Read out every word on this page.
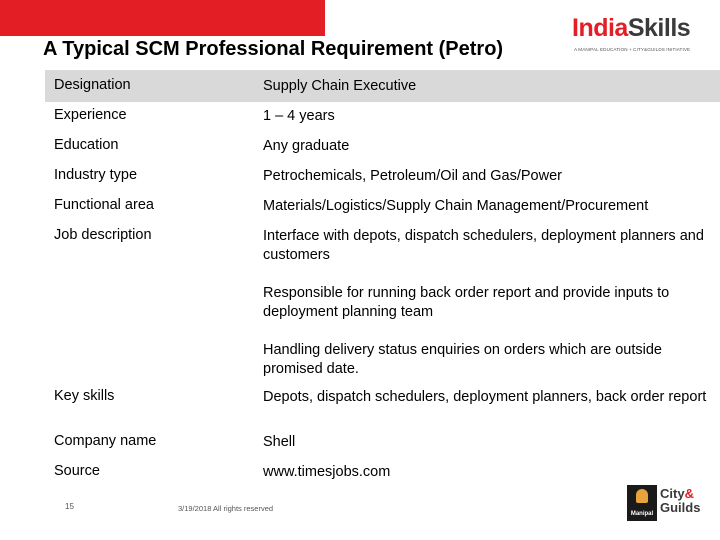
A Typical SCM Professional Requirement (Petro)
IndiaSkills
A MANIPAL EDUCATION + CITY&GUILDS INITIATIVE
Designation	Supply Chain Executive
Experience	1 – 4 years
Education	Any graduate
Industry type	Petrochemicals, Petroleum/Oil and Gas/Power
Functional area	Materials/Logistics/Supply Chain Management/Procurement
Job description	Interface with depots, dispatch schedulers, deployment planners and customers
Responsible for running back order report and provide inputs to deployment planning team
Handling delivery status enquiries on orders which are outside promised date.
Key skills	Depots, dispatch schedulers, deployment planners, back order report
Company name	Shell
Source	www.timesjobs.com
15	3/19/2018 All rights reserved
Manipal
City&
Guilds
